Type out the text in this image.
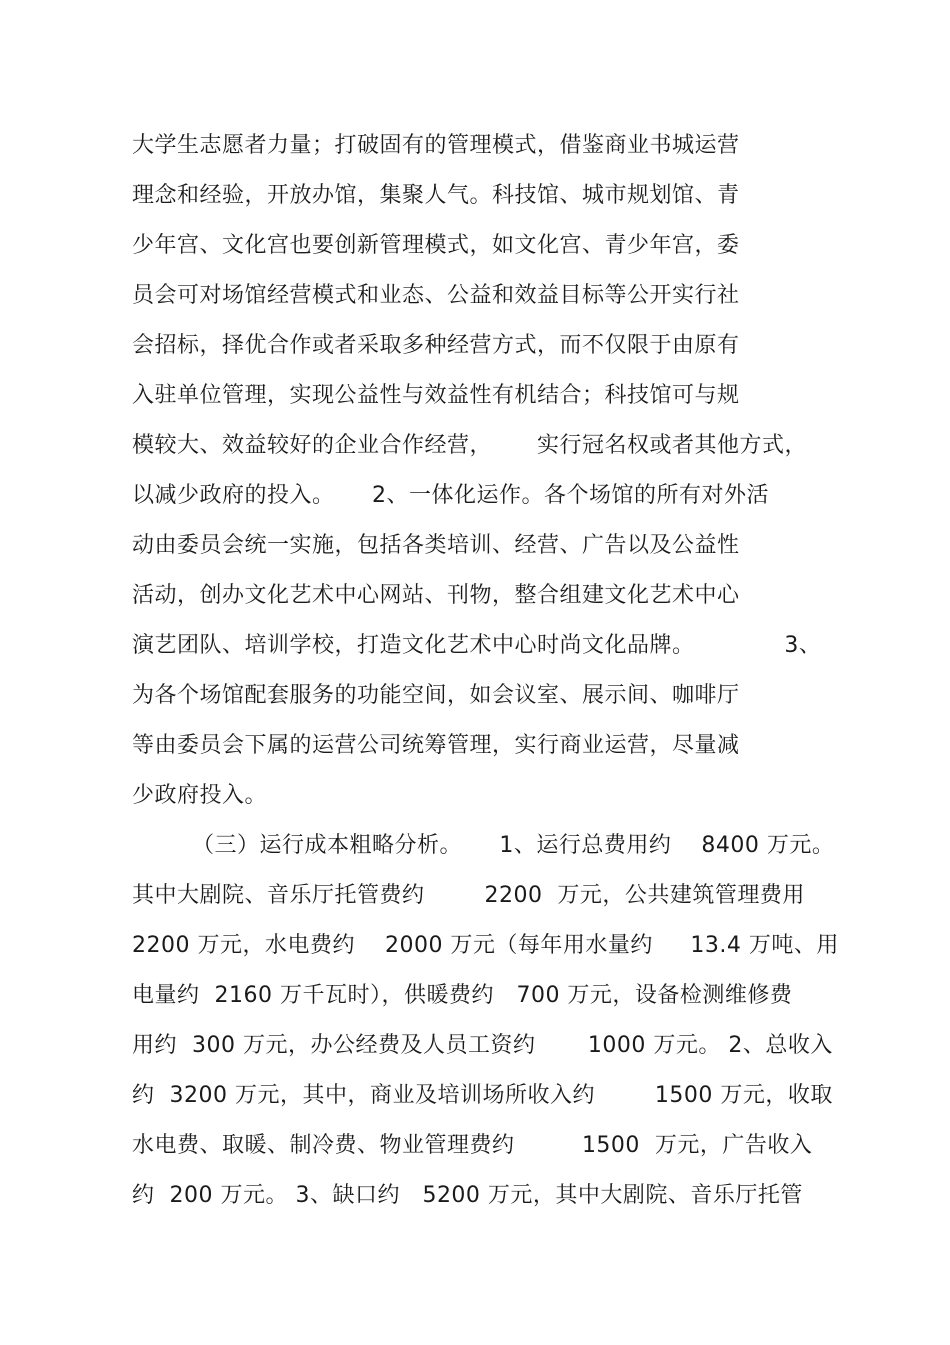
大学生志愿者力量；打破固有的管理模式，借鉴商业书城运营
理念和经验，开放办馆，集聚人气。科技馆、城市规划馆、青
少年宫、文化宫也要创新管理模式，如文化宫、青少年宫，委
员会可对场馆经营模式和业态、公益和效益目标等公开实行社
会招标，择优合作或者采取多种经营方式，而不仅限于由原有
入驻单位管理，实现公益性与效益性有机结合；科技馆可与规
模较大、效益较好的企业合作经营，      实行冠名权或者其他方式，
以减少政府的投入。     2、一体化运作。各个场馆的所有对外活
动由委员会统一实施，包括各类培训、经营、广告以及公益性
活动，创办文化艺术中心网站、刊物，整合组建文化艺术中心
演艺团队、培训学校，打造文化艺术中心时尚文化品牌。            3、
为各个场馆配套服务的功能空间，如会议室、展示间、咖啡厅
等由委员会下属的运营公司统筹管理，实行商业运营，尽量减
少政府投入。
（三）运行成本粗略分析。     1、运行总费用约    8400 万元。
其中大剧院、音乐厅托管费约        2200  万元，公共建筑管理费用
2200 万元，水电费约    2000 万元（每年用水量约     13.4 万吨、用
电量约  2160 万千瓦时），供暖费约   700 万元，设备检测维修费
用约  300 万元，办公经费及人员工资约       1000 万元。 2、总收入
约  3200 万元，其中，商业及培训场所收入约        1500 万元，收取
水电费、取暖、制冷费、物业管理费约         1500  万元，广告收入
约  200 万元。 3、缺口约   5200 万元，其中大剧院、音乐厅托管
